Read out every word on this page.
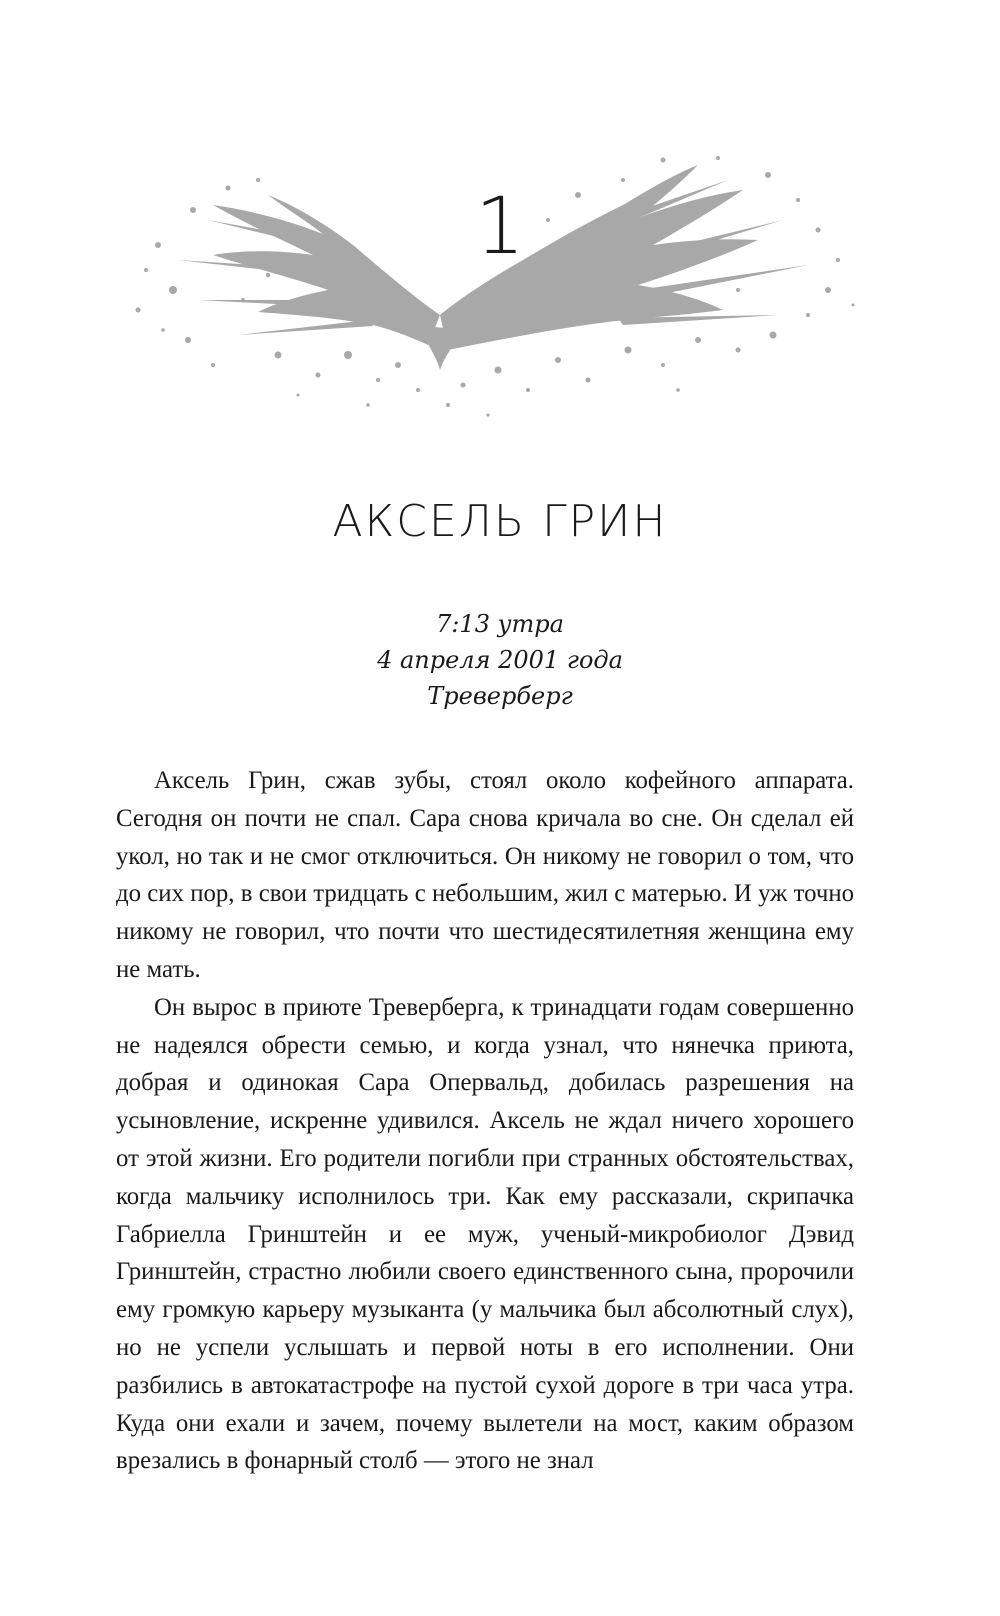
1
АКСЕЛЬ ГРИН
7:13 утра
4 апреля 2001 года
Треверберг

Аксель Грин, сжав зубы, стоял около кофейного аппарата. Сегодня он почти не спал. Сара снова кричала во сне. Он сделал ей укол, но так и не смог отключиться. Он никому не говорил о том, что до сих пор, в свои тридцать с небольшим, жил с матерью. И уж точно никому не говорил, что почти что шестидесятилетняя женщина ему не мать.

Он вырос в приюте Треверберга, к тринадцати годам совершенно не надеялся обрести семью, и когда узнал, что нянечка приюта, добрая и одинокая Сара Опервальд, добилась разрешения на усыновление, искренне удивился. Аксель не ждал ничего хорошего от этой жизни. Его родители погибли при странных обстоятельствах, когда мальчику исполнилось три. Как ему рассказали, скрипачка Габриелла Гринштейн и ее муж, ученый-микробиолог Дэвид Гринштейн, страстно любили своего единственного сына, пророчили ему громкую карьеру музыканта (у мальчика был абсолютный слух), но не успели услышать и первой ноты в его исполнении. Они разбились в автокатастрофе на пустой сухой дороге в три часа утра. Куда они ехали и зачем, почему вылетели на мост, каким образом врезались в фонарный столб — этого не знал
